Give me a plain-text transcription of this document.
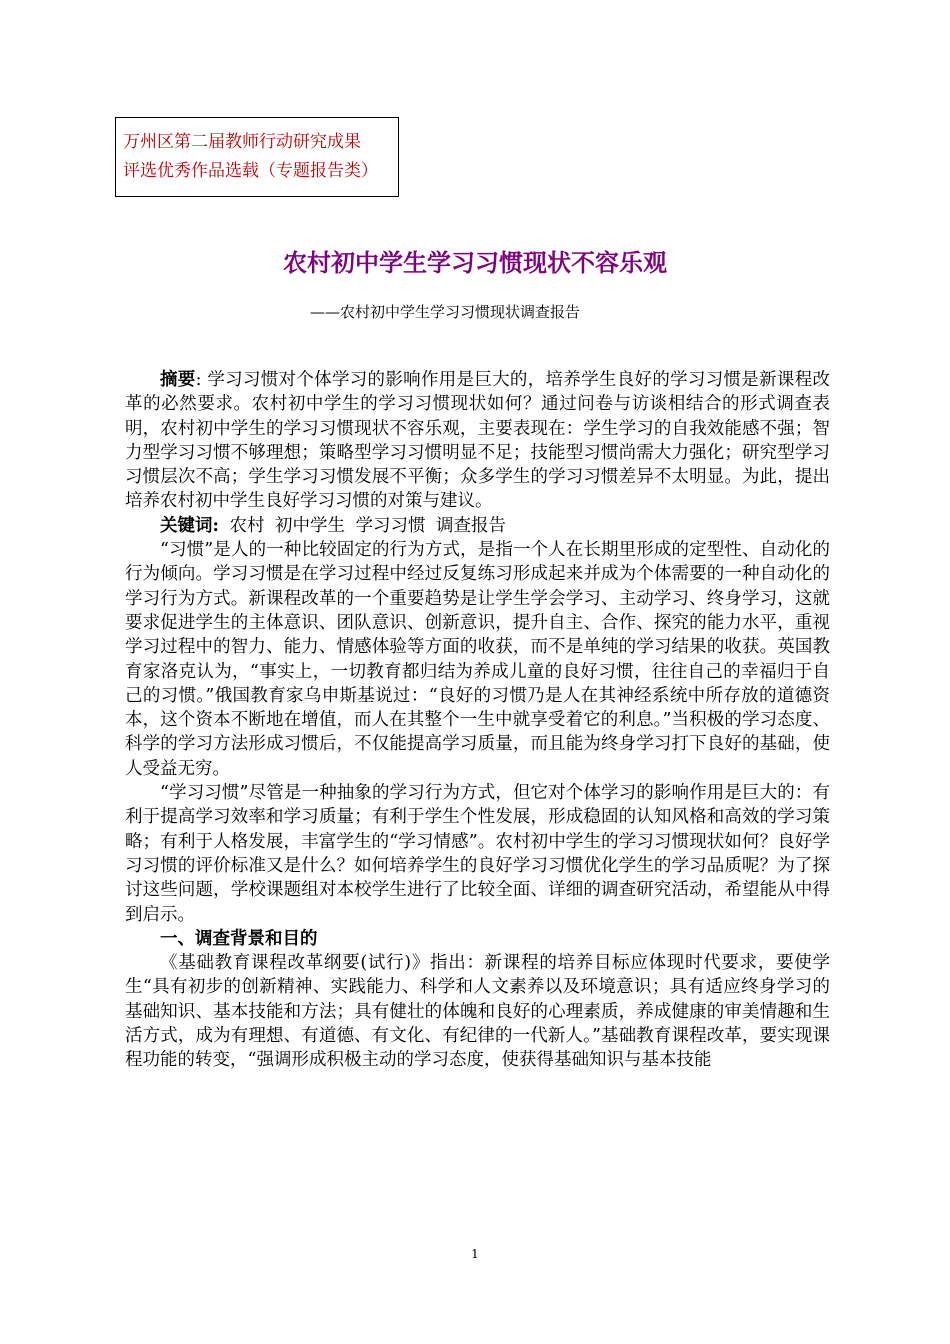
万州区第二届教师行动研究成果
评选优秀作品选载（专题报告类）
农村初中学生学习习惯现状不容乐观
——农村初中学生学习习惯现状调查报告

摘要: 学习习惯对个体学习的影响作用是巨大的，培养学生良好的学习习惯是新课程改革的必然要求。农村初中学生的学习习惯现状如何？通过问卷与访谈相结合的形式调查表明，农村初中学生的学习习惯现状不容乐观，主要表现在：学生学习的自我效能感不强；智力型学习习惯不够理想；策略型学习习惯明显不足；技能型习惯尚需大力强化；研究型学习习惯层次不高；学生学习习惯发展不平衡；众多学生的学习习惯差异不太明显。为此，提出培养农村初中学生良好学习习惯的对策与建议。

关键词: 农村 初中学生 学习习惯 调查报告

“习惯”是人的一种比较固定的行为方式，是指一个人在长期里形成的定型性、自动化的行为倾向。学习习惯是在学习过程中经过反复练习形成起来并成为个体需要的一种自动化的学习行为方式。新课程改革的一个重要趋势是让学生学会学习、主动学习、终身学习，这就要求促进学生的主体意识、团队意识、创新意识，提升自主、合作、探究的能力水平，重视学习过程中的智力、能力、情感体验等方面的收获，而不是单纯的学习结果的收获。英国教育家洛克认为，“事实上，一切教育都归结为养成儿童的良好习惯，往往自己的幸福归于自己的习惯。”俄国教育家乌申斯基说过：“良好的习惯乃是人在其神经系统中所存放的道德资本，这个资本不断地在增值，而人在其整个一生中就享受着它的利息。”当积极的学习态度、科学的学习方法形成习惯后，不仅能提高学习质量，而且能为终身学习打下良好的基础，使人受益无穷。

“学习习惯”尽管是一种抽象的学习行为方式，但它对个体学习的影响作用是巨大的：有利于提高学习效率和学习质量；有利于学生个性发展，形成稳固的认知风格和高效的学习策略；有利于人格发展，丰富学生的“学习情感”。农村初中学生的学习习惯现状如何？良好学习习惯的评价标准又是什么？如何培养学生的良好学习习惯优化学生的学习品质呢？为了探讨这些问题，学校课题组对本校学生进行了比较全面、详细的调查研究活动，希望能从中得到启示。

一、调查背景和目的

《基础教育课程改革纲要(试行)》指出：新课程的培养目标应体现时代要求，要使学生“具有初步的创新精神、实践能力、科学和人文素养以及环境意识；具有适应终身学习的基础知识、基本技能和方法；具有健壮的体魄和良好的心理素质，养成健康的审美情趣和生活方式，成为有理想、有道德、有文化、有纪律的一代新人。”基础教育课程改革，要实现课程功能的转变，“强调形成积极主动的学习态度，使获得基础知识与基本技能

1
